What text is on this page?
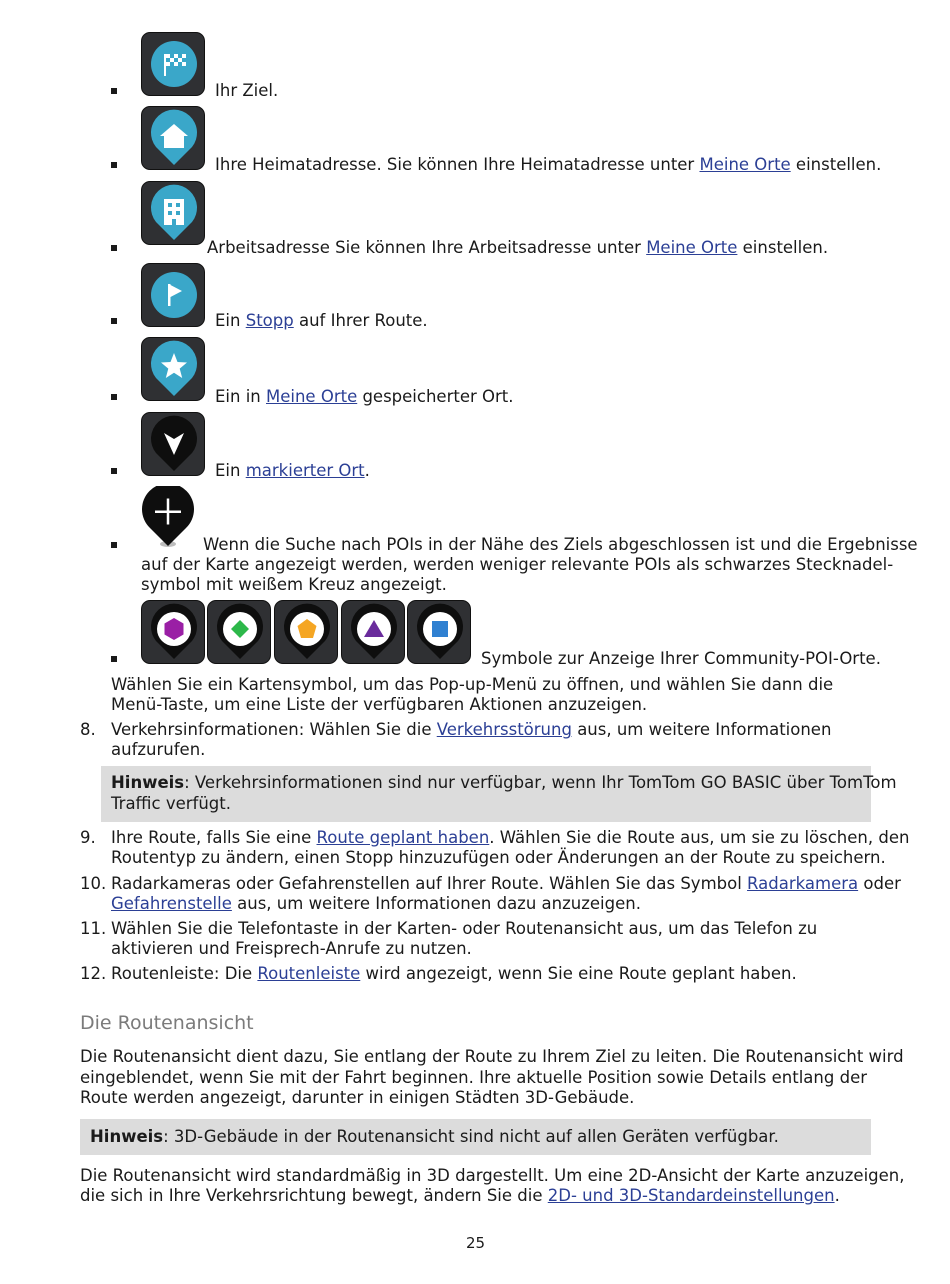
Ihr Ziel.
Ihre Heimatadresse. Sie können Ihre Heimatadresse unter Meine Orte einstellen.
Arbeitsadresse Sie können Ihre Arbeitsadresse unter Meine Orte einstellen.
Ein Stopp auf Ihrer Route.
Ein in Meine Orte gespeicherter Ort.
Ein markierter Ort.
Wenn die Suche nach POIs in der Nähe des Ziels abgeschlossen ist und die Ergebnisse
auf der Karte angezeigt werden, werden weniger relevante POIs als schwarzes Stecknadel-
symbol mit weißem Kreuz angezeigt.
Symbole zur Anzeige Ihrer Community-POI-Orte.
Wählen Sie ein Kartensymbol, um das Pop-up-Menü zu öffnen, und wählen Sie dann die
Menü-Taste, um eine Liste der verfügbaren Aktionen anzuzeigen.
8. Verkehrsinformationen: Wählen Sie die Verkehrsstörung aus, um weitere Informationen
aufzurufen.
Hinweis: Verkehrsinformationen sind nur verfügbar, wenn Ihr TomTom GO BASIC über TomTom
Traffic verfügt.
9. Ihre Route, falls Sie eine Route geplant haben. Wählen Sie die Route aus, um sie zu löschen, den
Routentyp zu ändern, einen Stopp hinzuzufügen oder Änderungen an der Route zu speichern.
10. Radarkameras oder Gefahrenstellen auf Ihrer Route. Wählen Sie das Symbol Radarkamera oder
Gefahrenstelle aus, um weitere Informationen dazu anzuzeigen.
11. Wählen Sie die Telefontaste in der Karten- oder Routenansicht aus, um das Telefon zu
aktivieren und Freisprech-Anrufe zu nutzen.
12. Routenleiste: Die Routenleiste wird angezeigt, wenn Sie eine Route geplant haben.
Die Routenansicht
Die Routenansicht dient dazu, Sie entlang der Route zu Ihrem Ziel zu leiten. Die Routenansicht wird
eingeblendet, wenn Sie mit der Fahrt beginnen. Ihre aktuelle Position sowie Details entlang der
Route werden angezeigt, darunter in einigen Städten 3D-Gebäude.
Hinweis: 3D-Gebäude in der Routenansicht sind nicht auf allen Geräten verfügbar.
Die Routenansicht wird standardmäßig in 3D dargestellt. Um eine 2D-Ansicht der Karte anzuzeigen,
die sich in Ihre Verkehrsrichtung bewegt, ändern Sie die 2D- und 3D-Standardeinstellungen.
25
